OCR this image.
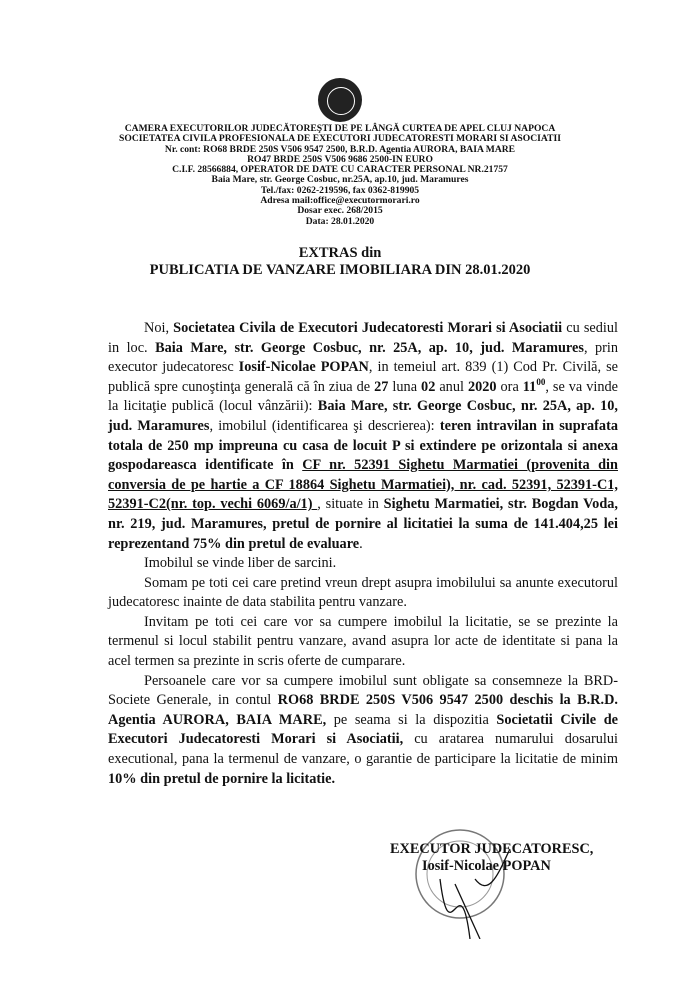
CAMERA EXECUTORILOR JUDECĂTOREŞTI DE PE LÂNGĂ CURTEA DE APEL CLUJ NAPOCA
SOCIETATEA CIVILA PROFESIONALA DE EXECUTORI JUDECATORESTI MORARI SI ASOCIATII
Nr. cont: RO68 BRDE 250S V506 9547 2500, B.R.D. Agentia AURORA, BAIA MARE
RO47 BRDE 250S V506 9686 2500-IN EURO
C.I.F. 28566884, OPERATOR DE DATE CU CARACTER PERSONAL NR.21757
Baia Mare, str. George Cosbuc, nr.25A, ap.10, jud. Maramures
Tel./fax: 0262-219596, fax 0362-819905
Adresa mail:office@executormorari.ro
Dosar exec. 268/2015
Data: 28.01.2020
EXTRAS din
PUBLICATIA DE VANZARE IMOBILIARA DIN 28.01.2020

Noi, Societatea Civila de Executori Judecatoresti Morari si Asociatii cu sediul in loc. Baia Mare, str. George Cosbuc, nr. 25A, ap. 10, jud. Maramures, prin executor judecatoresc Iosif-Nicolae POPAN, in temeiul art. 839 (1) Cod Pr. Civilă, se publică spre cunoştinţa generală că în ziua de 27 luna 02 anul 2020 ora $11^{00}$, se va vinde la licitaţie publică (locul vânzării): Baia Mare, str. George Cosbuc, nr. 25A, ap. 10, jud. Maramures, imobilul (identificarea şi descrierea): teren intravilan in suprafata totala de 250 mp impreuna cu casa de locuit P si extindere pe orizontala si anexa gospodareasca identificate în CF nr. 52391 Sighetu Marmatiei (provenita din conversia de pe hartie a CF 18864 Sighetu Marmatiei), nr. cad. 52391, 52391-C1, 52391-C2(nr. top. vechi 6069/a/1) , situate in Sighetu Marmatiei, str. Bogdan Voda, nr. 219, jud. Maramures, pretul de pornire al licitatiei la suma de 141.404,25 lei reprezentand 75% din pretul de evaluare.

Imobilul se vinde liber de sarcini.

Somam pe toti cei care pretind vreun drept asupra imobilului sa anunte executorul judecatoresc inainte de data stabilita pentru vanzare.

Invitam pe toti cei care vor sa cumpere imobilul la licitatie, se se prezinte la termenul si locul stabilit pentru vanzare, avand asupra lor acte de identitate si pana la acel termen sa prezinte in scris oferte de cumparare.

Persoanele care vor sa cumpere imobilul sunt obligate sa consemneze la BRD-Societe Generale, in contul RO68 BRDE 250S V506 9547 2500 deschis la B.R.D. Agentia AURORA, BAIA MARE, pe seama si la dispozitia Societatii Civile de Executori Judecatoresti Morari si Asociatii, cu aratarea numarului dosarului executional, pana la termenul de vanzare, o garantie de participare la licitatie de minim 10% din pretul de pornire la licitatie.

EXECUTOR JUDECATORESC,
Iosif-Nicolae POPAN
